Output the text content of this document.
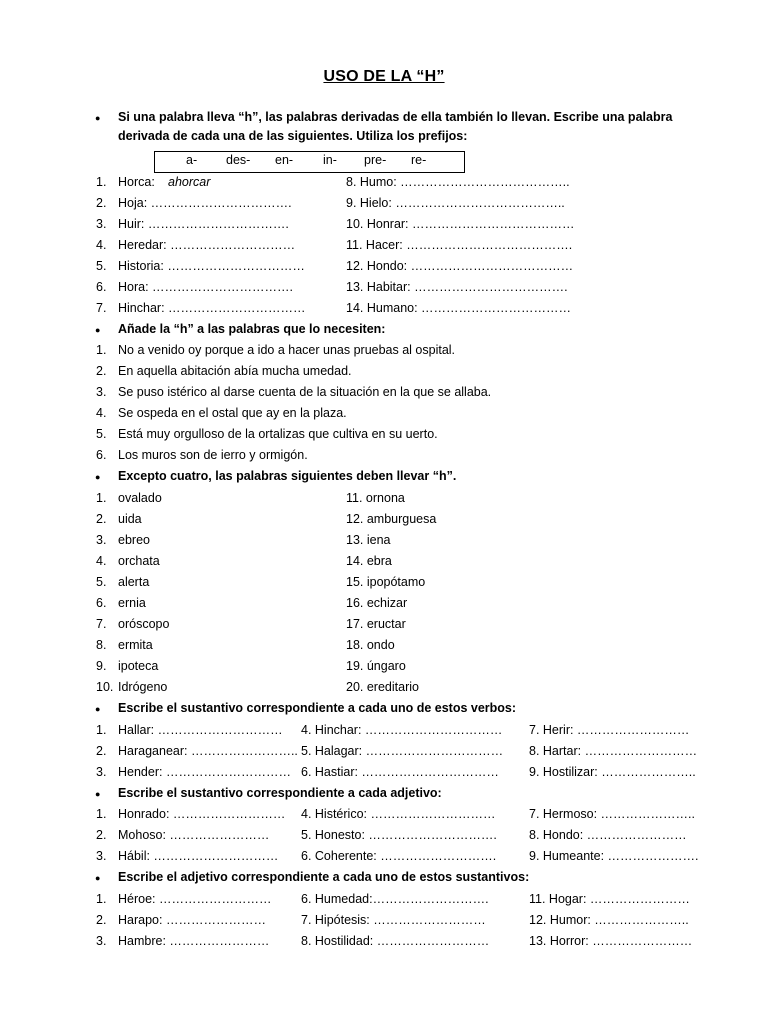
USO DE LA “H”
● Si una palabra lleva “h”, las palabras derivadas de ella también lo llevan. Escribe una palabra
derivada de cada una de las siguientes. Utiliza los prefijos:
a- des- en- in- pre- re-
1. Horca: ahorcar	8. Humo: …………………………………..
2. Hoja: …………………………….	9. Hielo: …………………………………..
3. Huir: …………………………….	10. Honrar: …………………………………
4. Heredar: …………………………	11. Hacer: ………………………………….
5. Historia: ……………………………	12. Hondo: …………………………………
6. Hora: …………………………….	13. Habitar: ……………………………….
7. Hinchar: ……………………………	14. Humano: ………………………………
● Añade la “h” a las palabras que lo necesiten:
1. No a venido oy porque a ido a hacer unas pruebas al ospital.
2. En aquella abitación abía mucha umedad.
3. Se puso istérico al darse cuenta de la situación en la que se allaba.
4. Se ospeda en el ostal que ay en la plaza.
5. Está muy orgulloso de la ortalizas que cultiva en su uerto.
6. Los muros son de ierro y ormigón.
● Excepto cuatro, las palabras siguientes deben llevar “h”.
1. ovalado	11. ornona
2. uida	12. amburguesa
3. ebreo	13. iena
4. orchata	14. ebra
5. alerta	15. ipopótamo
6. ernia	16. echizar
7. oróscopo	17. eructar
8. ermita	18. ondo
9. ipoteca	19. úngaro
10. Idrógeno	20. ereditario
● Escribe el sustantivo correspondiente a cada uno de estos verbos:
1. Hallar: ………………………… 4. Hinchar: …………………………… 7. Herir: ………………………
2. Haraganear: …………………….. 5. Halagar: …………………………… 8. Hartar: ………………………
3. Hender: ………………………… 6. Hastiar: …………………………… 9. Hostilizar: …………………..
● Escribe el sustantivo correspondiente a cada adjetivo:
1. Honrado: ……………………… 4. Histérico: …………………………	7. Hermoso: …………………..
2. Mohoso: ……………………	5. Honesto: ………………………….	8. Hondo: ……………………
3. Hábil: ………………………… 6. Coherente: ……………………….	9. Humeante: ………………….
● Escribe el adjetivo correspondiente a cada uno de estos sustantivos:
1. Héroe: ……………………… 6. Humedad:……………………….	11. Hogar: ……………………
2. Harapo: ……………………	7. Hipótesis: ………………………	12. Humor: …………………..
3. Hambre: ……………………	8. Hostilidad: ………………………	13. Horror: ……………………
